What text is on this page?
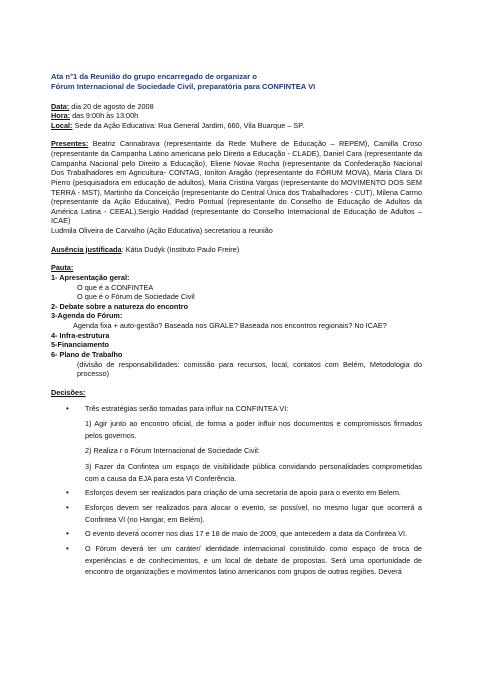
Ata n°1 da Reunião do grupo encarregado de organizar o
Fórum Internacional de Sociedade Civil, preparatória para CONFINTEA VI
Data: dia 20 de agosto de 2008
Hora: das 9:00h às 13:00h
Local: Sede da Ação Educativa: Rua General Jardim, 660, Vila Buarque – SP.
Presentes: Beatriz Cannabrava (representante da Rede Mulhere de Educação – REPEM), Camilla Croso (representante da Campanha Latino americana pelo Direito a Educação - CLADE), Daniel Cara (representante da Campanha Nacional pelo Direito a Educação), Eliene Novae Rocha (representante da Confederação Nacional Dos Trabalhadores em Agricultura- CONTAG, Ioniton Aragão (representante do FÓRUM MOVA), Maria Clara Di Pierro (pesquisadora em educação de adultos), Maria Cristina Vargas (representante do MOVIMENTO DOS SEM TERRA - MST), Martinho da Conceição (representante do Central Única dos Trabalhadores - CUT), Milena Carmo (representante da Ação Educativa), Pedro Pontual (representante do Conselho de Educação de Adultos da América Latina - CEEAL),Sergio Haddad (representante do Conselho Internacional de Educação de Adultos – ICAE)
Ludmila Oliveira de Carvalho (Ação Educativa) secretariou a reunião
Ausência justificada: Kátia Dudyk (Instituto Paulo Freire)
Pauta:
1- Apresentação geral:
O que é a CONFINTEA
O que é o Fórum de Sociedade Civil
2- Debate sobre a natureza do encontro
3-Agenda do Fórum:
Agenda fixa + auto-gestão? Baseada nos GRALE? Baseada nos encontros regionais? No ICAE?
4- Infra-estrutura
5-Financiamento
6- Plano de Trabalho
(divisão de responsabilidades: comissão para recursos, local, contatos com Belém, Metodologia do processo)
Decisões:
• Três estratégias serão tomadas para influir na CONFINTEA VI:
1) Agir junto ao encontro oficial, de forma a poder influir nos documentos e compromissos firmados pelos governos.
2) Realiza r o Fórum Internacional de Sociedade Civil:
3) Fazer da Confintea um espaço de visibilidade pública convidando personalidades comprometidas com a causa da EJA para esta VI Conferência.
• Esforços devem ser realizados para criação de uma secretaria de apoio para o evento em Belem.
• Esforços devem ser realizados para alocar o evento, se possível, no mesmo lugar que ocorrerá a Confintea VI (no Hangar, em Belém).
• O evento deverá ocorrer nos dias 17 e 18 de maio de 2009, que antecedem a data da Confintea VI.
• O Fórum deverá ter um caráter/ identidade internacional constituído como espaço de troca de experiências e de conhecimentos, e um local de debate de propostas. Será uma oportunidade de encontro de organizações e movimentos latino americanos com grupos de outras regiões. Deverá
